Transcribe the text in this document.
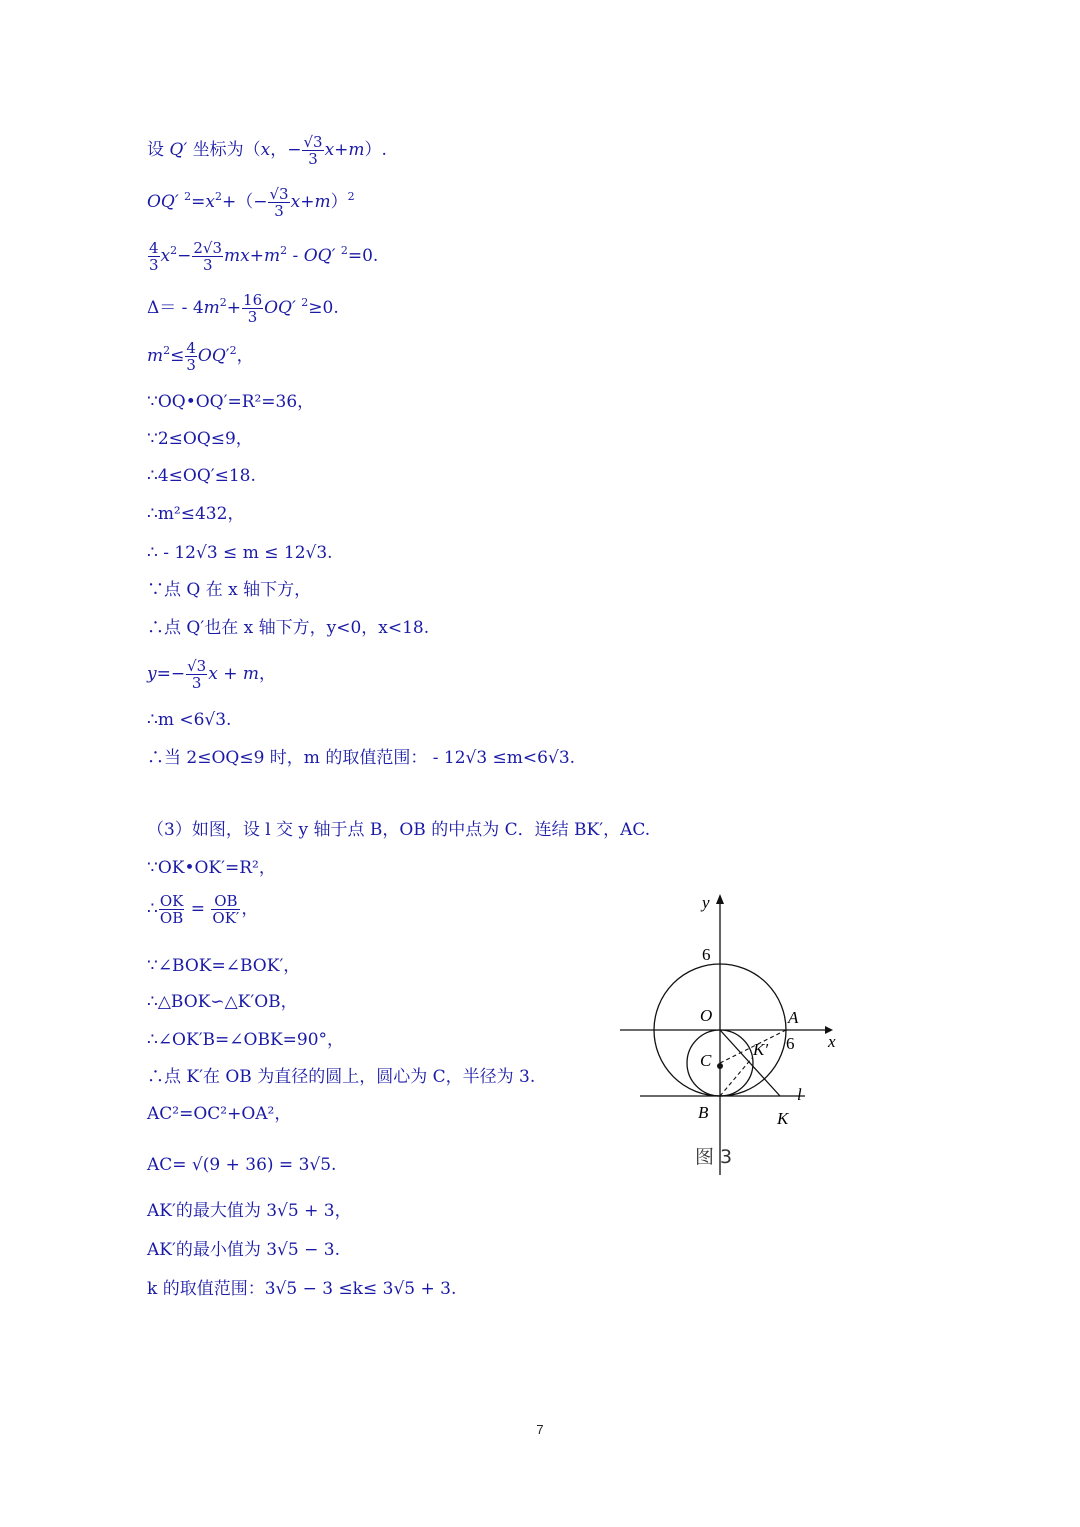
设 Q′ 坐标为（x，− $\frac{√3}{3} x+m$）.
OQ′ $^2=x^2+(- \frac{√3}{3} x+m)^2$
$\frac{4}{3} x^2- \frac{2√3}{3} mx+m^2 - OQ'$ $^2$=0.
$\Delta= - 4m^2+ \frac{16}{3} OQ'$ $^2$≥0.
$m^2\le \frac{4}{3} OQ'^2$，
∵OQ•OQ′=R²=36，
∵2≤OQ≤9，
∴4≤OQ′≤18.
∴m²≤432，
∴ - 12√3 ≤ m ≤ 12√3.
∵点 Q 在 x 轴下方，
∴点 Q′也在 x 轴下方，y<0，x<18.
$y=- \frac{√3}{3}$ x + m，
∴m <6√3.
∴当 2≤OQ≤9 时，m 的取值范围： - 12√3 ≤m<6√3.
（3）如图，设 l 交 y 轴于点 B，OB 的中点为 C．连结 BK′，AC.
∵OK•OK′=R²，
∴ $\frac{OK}{OB} = \frac{OB}{OK'}$ ，
∵∠BOK=∠BOK′，
∴△BOK∽△K′OB，
∴∠OK′B=∠OBK=90°，
∴点 K′在 OB 为直径的圆上，圆心为 C，半径为 3.
AC²=OC²+OA²，
AC= √(9 + 36) = 3√5.
AK′的最大值为 3√5 + 3，
AK′的最小值为 3√5 − 3.
k 的取值范围：3√5 − 3 ≤k≤ 3√5 + 3.
y
x
6
O	A
6
C
K′
l
B	K
图 3
7
